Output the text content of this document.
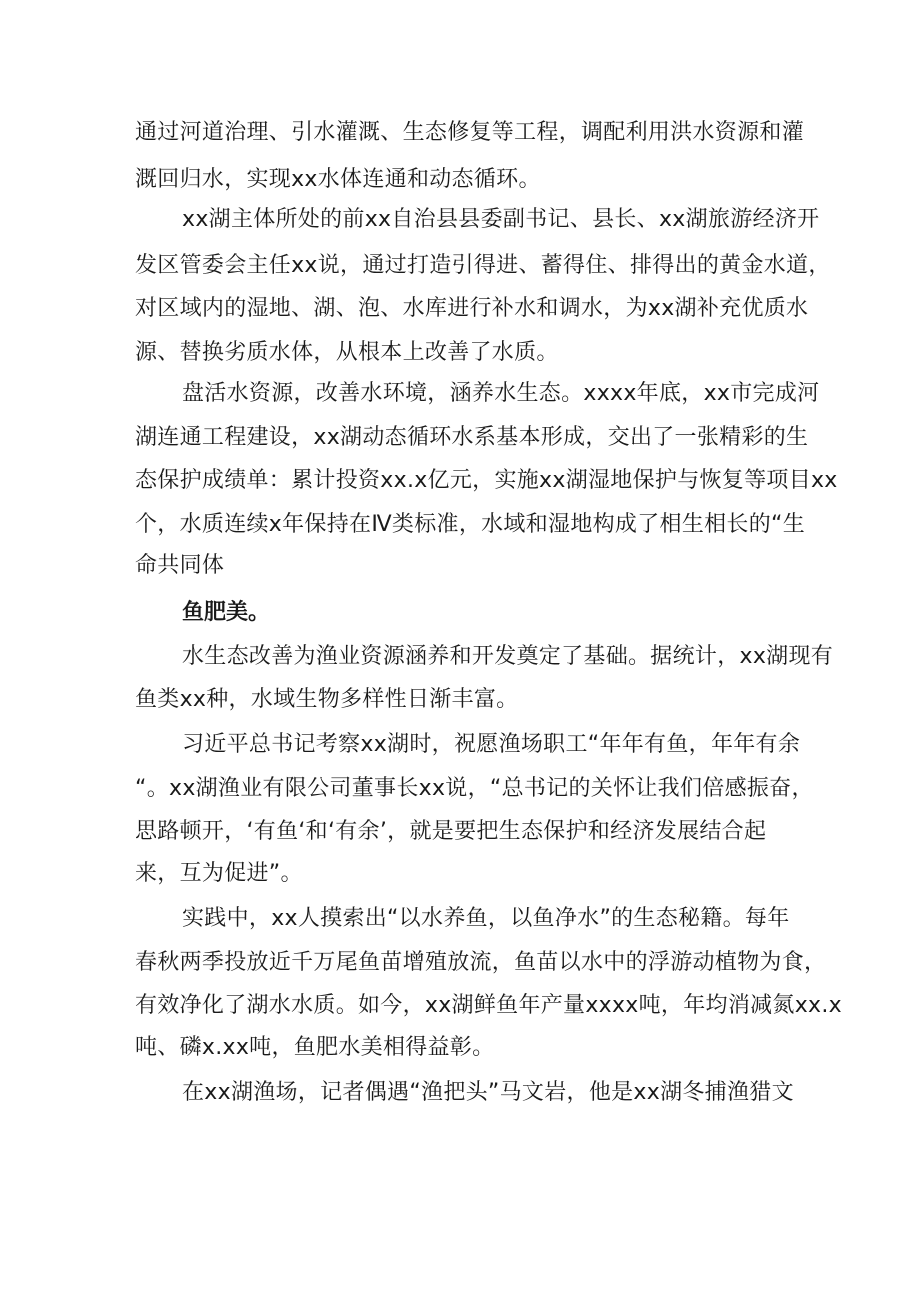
通过河道治理、引水灌溉、生态修复等工程，调配利用洪水资源和灌
溉回归水，实现xx水体连通和动态循环。
xx湖主体所处的前xx自治县县委副书记、县长、xx湖旅游经济开
发区管委会主任xx说，通过打造引得进、蓄得住、排得出的黄金水道，
对区域内的湿地、湖、泡、水库进行补水和调水，为xx湖补充优质水
源、替换劣质水体，从根本上改善了水质。
盘活水资源，改善水环境，涵养水生态。xxxx年底，xx市完成河
湖连通工程建设，xx湖动态循环水系基本形成，交出了一张精彩的生
态保护成绩单：累计投资xx.x亿元，实施xx湖湿地保护与恢复等项目xx
个，水质连续x年保持在Ⅳ类标准，水域和湿地构成了相生相长的“生
命共同体
鱼肥美。
水生态改善为渔业资源涵养和开发奠定了基础。据统计，xx湖现有
鱼类xx种，水域生物多样性日渐丰富。
习近平总书记考察xx湖时，祝愿渔场职工“年年有鱼，年年有余
“。xx湖渔业有限公司董事长xx说，“总书记的关怀让我们倍感振奋，
思路顿开，‘有鱼‘和‘有余’，就是要把生态保护和经济发展结合起
来，互为促进”。
实践中，xx人摸索出“以水养鱼，以鱼净水”的生态秘籍。每年
春秋两季投放近千万尾鱼苗增殖放流，鱼苗以水中的浮游动植物为食，
有效净化了湖水水质。如今，xx湖鲜鱼年产量xxxx吨，年均消减氮xx.x
吨、磷x.xx吨，鱼肥水美相得益彰。
在xx湖渔场，记者偶遇“渔把头”马文岩，他是xx湖冬捕渔猎文
